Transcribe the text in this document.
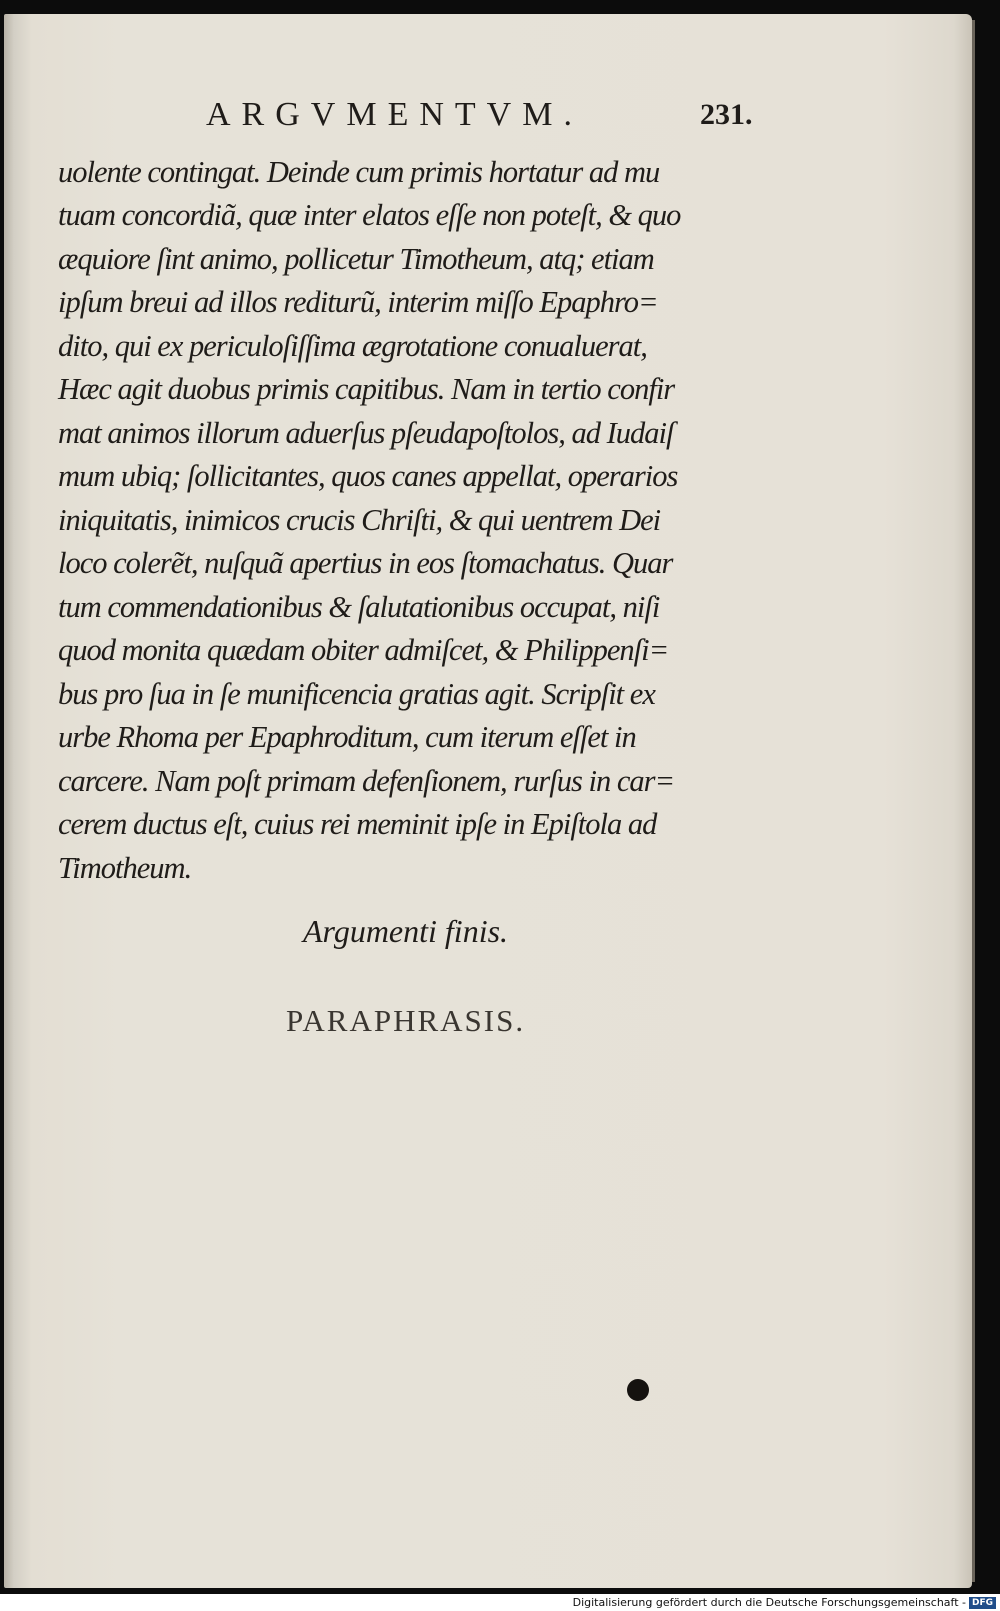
ARGVMENTVM.	231.
uolente contingat. Deinde cum primis hortatur ad mu
tuam concordiã, quæ inter elatos eſſe non poteſt, & quo
æquiore ſint animo, pollicetur Timotheum, atq; etiam
ipſum breui ad illos rediturũ, interim miſſo Epaphro=
dito, qui ex periculoſiſſima ægrotatione conualuerat,
Hæc agit duobus primis capitibus. Nam in tertio confir
mat animos illorum aduerſus pſeudapoſtolos, ad Iudaiſ
mum ubiq; ſollicitantes, quos canes appellat, operarios
iniquitatis, inimicos crucis Chriſti, & qui uentrem Dei
loco colerẽt, nuſquã apertius in eos ſtomachatus. Quar
tum commendationibus & ſalutationibus occupat, niſi
quod monita quædam obiter admiſcet, & Philippenſi=
bus pro ſua in ſe munificencia gratias agit. Scripſit ex
urbe Rhoma per Epaphroditum, cum iterum eſſet in
carcere. Nam poſt primam defenſionem, rurſus in car=
cerem ductus eſt, cuius rei meminit ipſe in Epiſtola ad
Timotheum.
Argumenti finis.
PARAPHRASIS.
Digitalisierung gefördert durch die Deutsche Forschungsgemeinschaft - DFG
